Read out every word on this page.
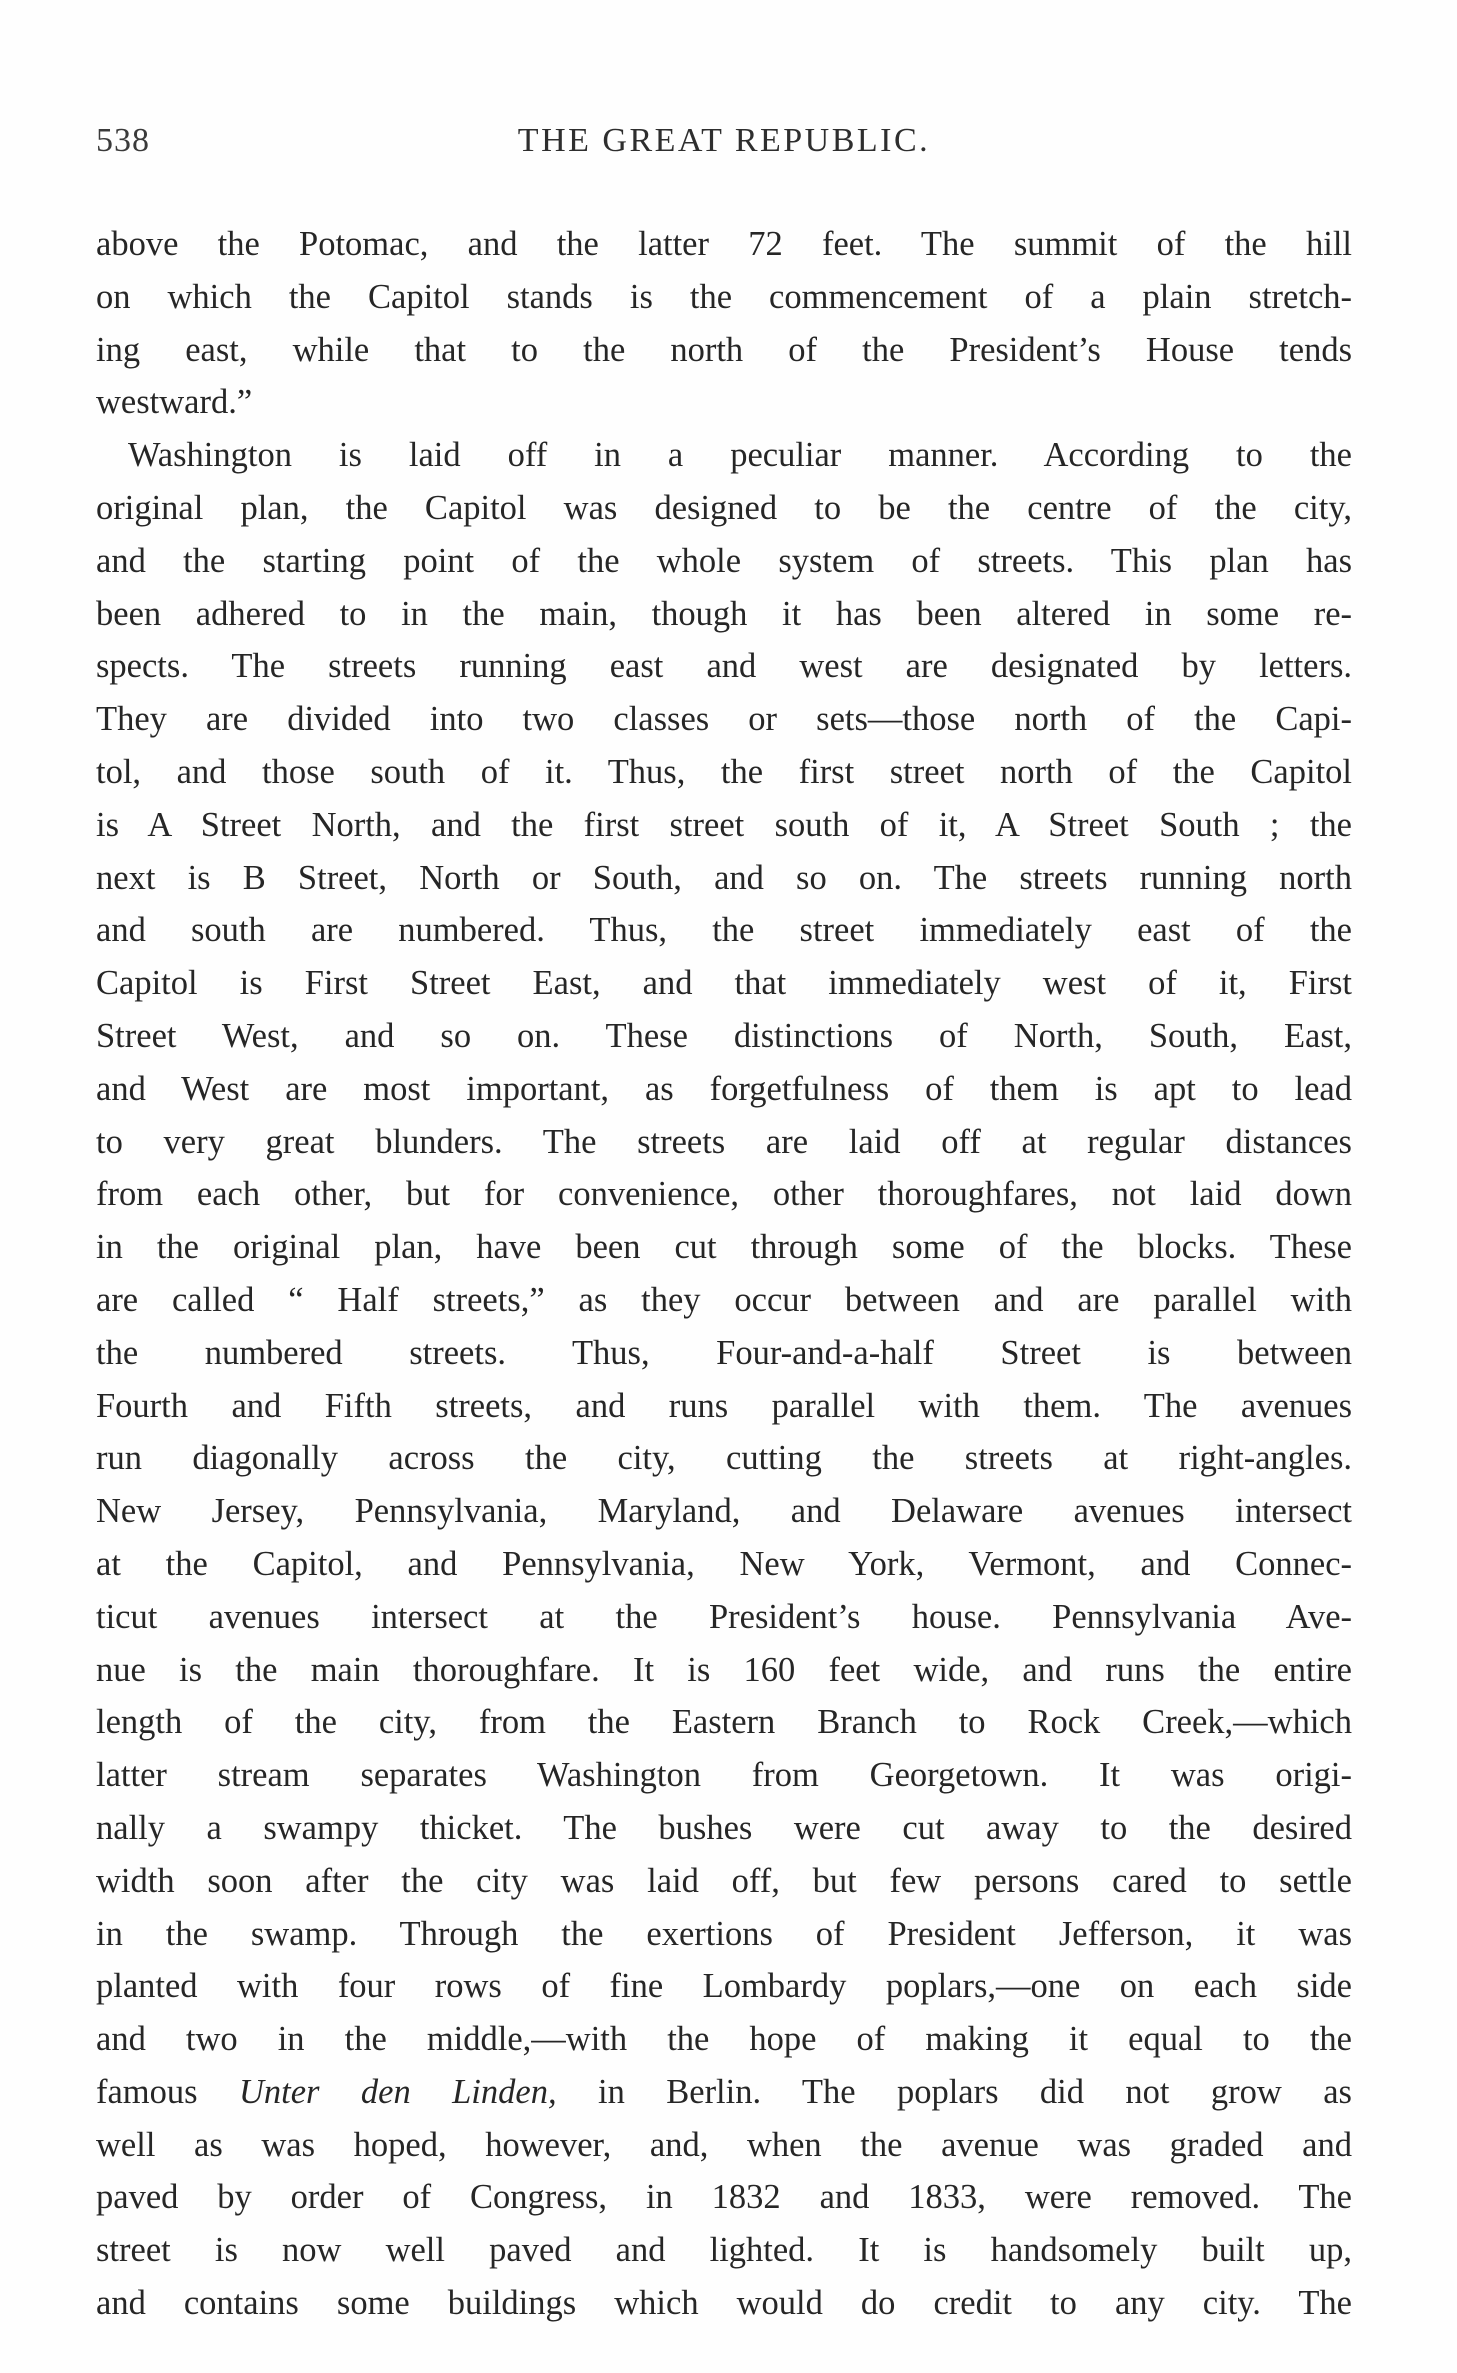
538	THE GREAT REPUBLIC.
above the Potomac, and the latter 72 feet. The summit of the hill
on which the Capitol stands is the commencement of a plain stretch-
ing east, while that to the north of the President’s House tends
westward.”
Washington is laid off in a peculiar manner. According to the
original plan, the Capitol was designed to be the centre of the city,
and the starting point of the whole system of streets. This plan has
been adhered to in the main, though it has been altered in some re-
spects. The streets running east and west are designated by letters.
They are divided into two classes or sets—those north of the Capi-
tol, and those south of it. Thus, the first street north of the Capitol
is A Street North, and the first street south of it, A Street South ; the
next is B Street, North or South, and so on. The streets running north
and south are numbered. Thus, the street immediately east of the
Capitol is First Street East, and that immediately west of it, First
Street West, and so on. These distinctions of North, South, East,
and West are most important, as forgetfulness of them is apt to lead
to very great blunders. The streets are laid off at regular distances
from each other, but for convenience, other thoroughfares, not laid down
in the original plan, have been cut through some of the blocks. These
are called “ Half streets,” as they occur between and are parallel with
the numbered streets. Thus, Four-and-a-half Street is between
Fourth and Fifth streets, and runs parallel with them. The avenues
run diagonally across the city, cutting the streets at right-angles.
New Jersey, Pennsylvania, Maryland, and Delaware avenues intersect
at the Capitol, and Pennsylvania, New York, Vermont, and Connec-
ticut avenues intersect at the President’s house. Pennsylvania Ave-
nue is the main thoroughfare. It is 160 feet wide, and runs the entire
length of the city, from the Eastern Branch to Rock Creek,—which
latter stream separates Washington from Georgetown. It was origi-
nally a swampy thicket. The bushes were cut away to the desired
width soon after the city was laid off, but few persons cared to settle
in the swamp. Through the exertions of President Jefferson, it was
planted with four rows of fine Lombardy poplars,—one on each side
and two in the middle,—with the hope of making it equal to the
famous Unter den Linden, in Berlin. The poplars did not grow as
well as was hoped, however, and, when the avenue was graded and
paved by order of Congress, in 1832 and 1833, were removed. The
street is now well paved and lighted. It is handsomely built up,
and contains some buildings which would do credit to any city. The
